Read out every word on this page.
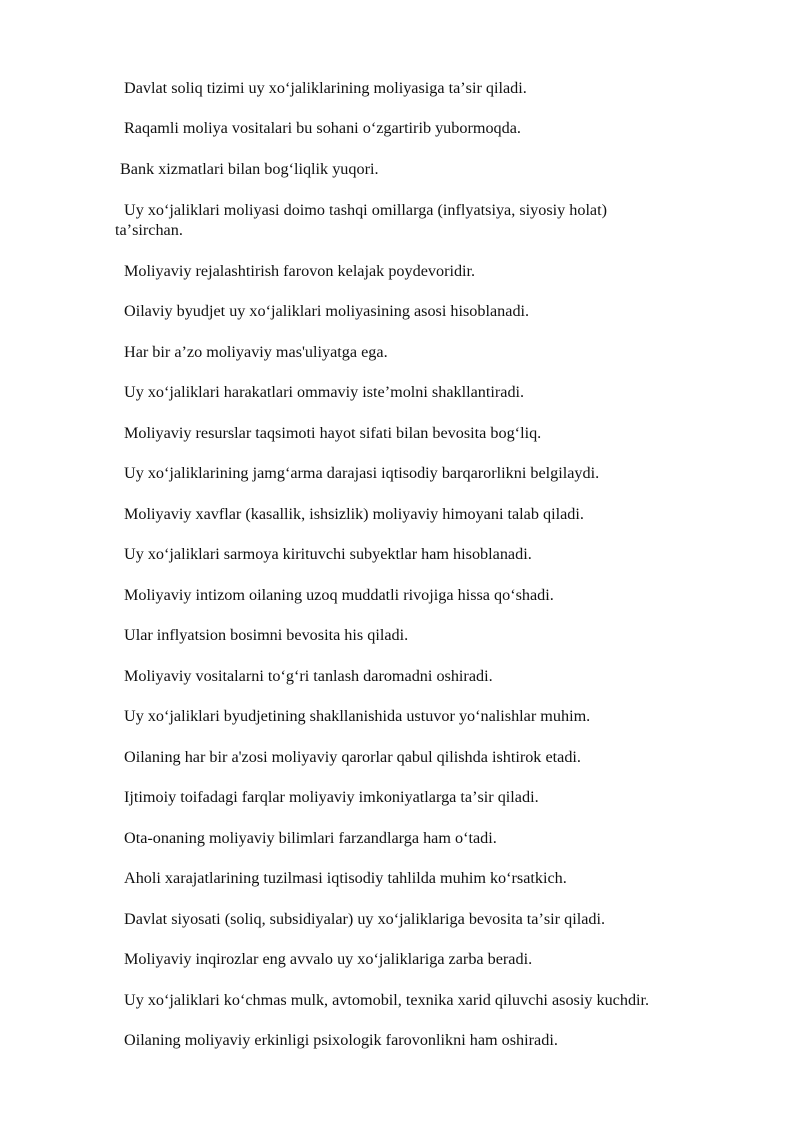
Davlat soliq tizimi uy xoʻjaliklarining moliyasiga taʼsir qiladi.

Raqamli moliya vositalari bu sohani oʻzgartirib yubormoqda.

Bank xizmatlari bilan bogʻliqlik yuqori.

Uy xoʻjaliklari moliyasi doimo tashqi omillarga (inflyatsiya, siyosiy holat)
taʼsirchan.

Moliyaviy rejalashtirish farovon kelajak poydevoridir.

Oilaviy byudjet uy xoʻjaliklari moliyasining asosi hisoblanadi.

Har bir aʼzo moliyaviy mas'uliyatga ega.

Uy xoʻjaliklari harakatlari ommaviy isteʼmolni shakllantiradi.

Moliyaviy resurslar taqsimoti hayot sifati bilan bevosita bogʻliq.

Uy xoʻjaliklarining jamgʻarma darajasi iqtisodiy barqarorlikni belgilaydi.

Moliyaviy xavflar (kasallik, ishsizlik) moliyaviy himoyani talab qiladi.

Uy xoʻjaliklari sarmoya kirituvchi subyektlar ham hisoblanadi.

Moliyaviy intizom oilaning uzoq muddatli rivojiga hissa qoʻshadi.

Ular inflyatsion bosimni bevosita his qiladi.

Moliyaviy vositalarni toʻgʻri tanlash daromadni oshiradi.

Uy xoʻjaliklari byudjetining shakllanishida ustuvor yoʻnalishlar muhim.

Oilaning har bir a'zosi moliyaviy qarorlar qabul qilishda ishtirok etadi.

Ijtimoiy toifadagi farqlar moliyaviy imkoniyatlarga taʼsir qiladi.

Ota-onaning moliyaviy bilimlari farzandlarga ham oʻtadi.

Aholi xarajatlarining tuzilmasi iqtisodiy tahlilda muhim koʻrsatkich.

Davlat siyosati (soliq, subsidiyalar) uy xoʻjaliklariga bevosita taʼsir qiladi.

Moliyaviy inqirozlar eng avvalo uy xoʻjaliklariga zarba beradi.

Uy xoʻjaliklari koʻchmas mulk, avtomobil, texnika xarid qiluvchi asosiy kuchdir.

Oilaning moliyaviy erkinligi psixologik farovonlikni ham oshiradi.
